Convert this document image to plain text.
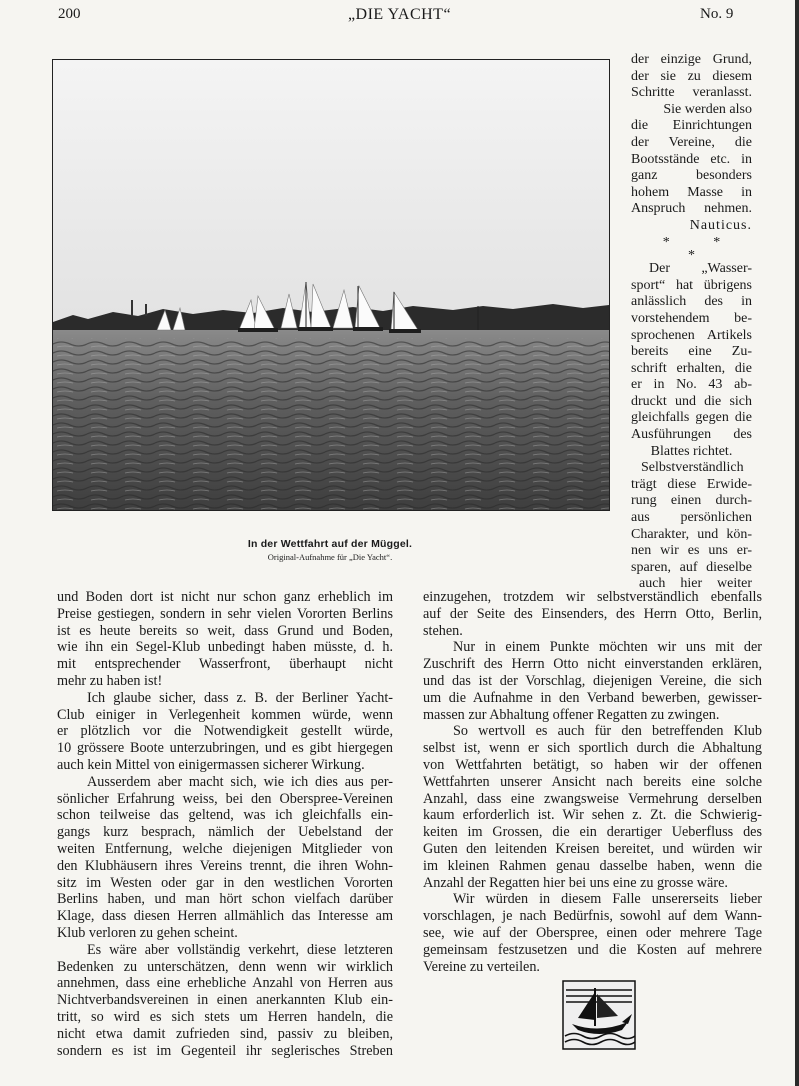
200	„DIE YACHT“	No. 9
In der Wettfahrt auf der Müggel.
Original-Aufnahme für „Die Yacht“.
der einzige Grund,
der sie zu diesem
Schritte veranlasst.
Sie werden also
die Einrichtungen
der Vereine, die
Bootsstände etc. in
ganz besonders
hohem Masse in
Anspruch nehmen.
Nauticus.
* *
*
Der „Wasser-
sport“ hat übrigens
anlässlich des in
vorstehendem be-
sprochenen Artikels
bereits eine Zu-
schrift erhalten, die
er in No. 43 ab-
druckt und die sich
gleichfalls gegen die
Ausführungen des
Blattes richtet.
Selbstverständlich
trägt diese Erwide-
rung einen durch-
aus persönlichen
Charakter, und kön-
nen wir es uns er-
sparen, auf dieselbe
auch hier weiter
und Boden dort ist nicht nur schon ganz erheblich im
Preise gestiegen, sondern in sehr vielen Vororten Berlins
ist es heute bereits so weit, dass Grund und Boden,
wie ihn ein Segel-Klub unbedingt haben müsste, d. h.
mit entsprechender Wasserfront, überhaupt nicht
mehr zu haben ist!
Ich glaube sicher, dass z. B. der Berliner Yacht-
Club einiger in Verlegenheit kommen würde, wenn
er plötzlich vor die Notwendigkeit gestellt würde,
10 grössere Boote unterzubringen, und es gibt hiergegen
auch kein Mittel von einigermassen sicherer Wirkung.
Ausserdem aber macht sich, wie ich dies aus per-
sönlicher Erfahrung weiss, bei den Oberspree-Vereinen
schon teilweise das geltend, was ich gleichfalls ein-
gangs kurz besprach, nämlich der Uebelstand der
weiten Entfernung, welche diejenigen Mitglieder von
den Klubhäusern ihres Vereins trennt, die ihren Wohn-
sitz im Westen oder gar in den westlichen Vororten
Berlins haben, und man hört schon vielfach darüber
Klage, dass diesen Herren allmählich das Interesse am
Klub verloren zu gehen scheint.
Es wäre aber vollständig verkehrt, diese letzteren
Bedenken zu unterschätzen, denn wenn wir wirklich
annehmen, dass eine erhebliche Anzahl von Herren aus
Nichtverbandsvereinen in einen anerkannten Klub ein-
tritt, so wird es sich stets um Herren handeln, die
nicht etwa damit zufrieden sind, passiv zu bleiben,
sondern es ist im Gegenteil ihr seglerisches Streben
einzugehen, trotzdem wir selbstverständlich ebenfalls
auf der Seite des Einsenders, des Herrn Otto, Berlin,
stehen.
Nur in einem Punkte möchten wir uns mit der
Zuschrift des Herrn Otto nicht einverstanden erklären,
und das ist der Vorschlag, diejenigen Vereine, die sich
um die Aufnahme in den Verband bewerben, gewisser-
massen zur Abhaltung offener Regatten zu zwingen.
So wertvoll es auch für den betreffenden Klub
selbst ist, wenn er sich sportlich durch die Abhaltung
von Wettfahrten betätigt, so haben wir der offenen
Wettfahrten unserer Ansicht nach bereits eine solche
Anzahl, dass eine zwangsweise Vermehrung derselben
kaum erforderlich ist. Wir sehen z. Zt. die Schwierig-
keiten im Grossen, die ein derartiger Ueberfluss des
Guten den leitenden Kreisen bereitet, und würden wir
im kleinen Rahmen genau dasselbe haben, wenn die
Anzahl der Regatten hier bei uns eine zu grosse wäre.
Wir würden in diesem Falle unsererseits lieber
vorschlagen, je nach Bedürfnis, sowohl auf dem Wann-
see, wie auf der Oberspree, einen oder mehrere Tage
gemeinsam festzusetzen und die Kosten auf mehrere
Vereine zu verteilen.
